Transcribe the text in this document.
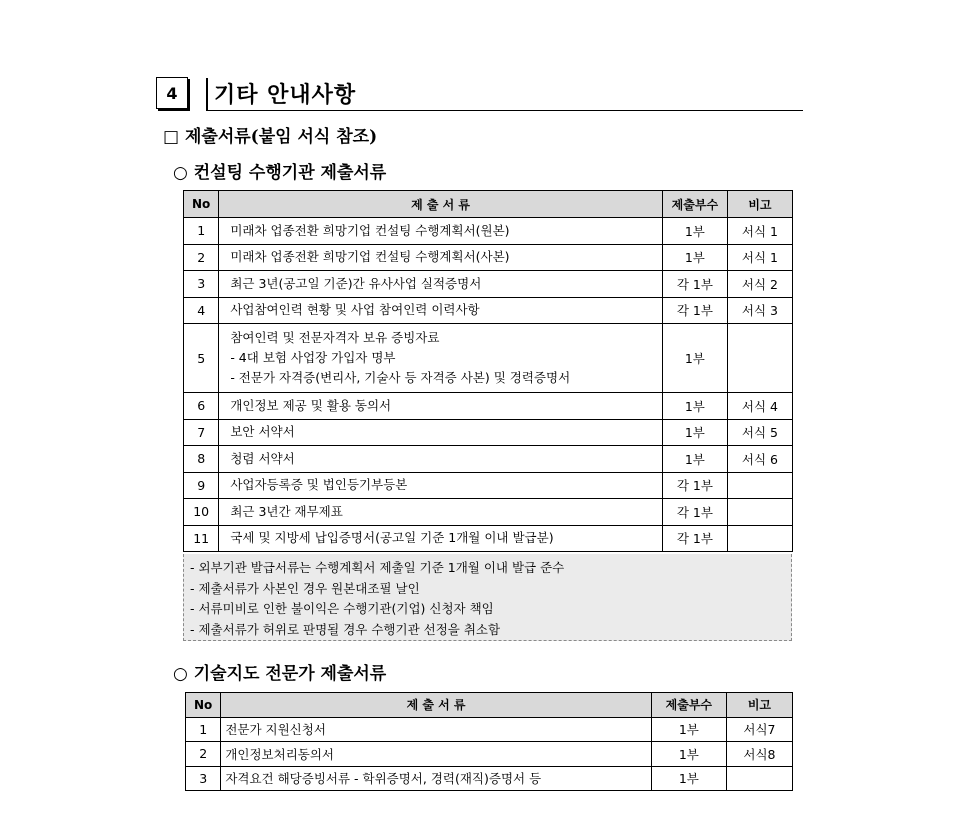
4 기타 안내사항
□ 제출서류(붙임 서식 참조)
○ 컨설팅 수행기관 제출서류
No	제 출 서 류	제출부수	비고
1	미래차 업종전환 희망기업 컨설팅 수행계획서(원본)	1부	서식 1
2	미래차 업종전환 희망기업 컨설팅 수행계획서(사본)	1부	서식 1
3	최근 3년(공고일 기준)간 유사사업 실적증명서	각 1부	서식 2
4	사업참여인력 현황 및 사업 참여인력 이력사항	각 1부	서식 3
5	참여인력 및 전문자격자 보유 증빙자료
- 4대 보험 사업장 가입자 명부
- 전문가 자격증(변리사, 기술사 등 자격증 사본) 및 경력증명서	1부	
6	개인정보 제공 및 활용 동의서	1부	서식 4
7	보안 서약서	1부	서식 5
8	청렴 서약서	1부	서식 6
9	사업자등록증 및 법인등기부등본	각 1부	
10	최근 3년간 재무제표	각 1부	
11	국세 및 지방세 납입증명서(공고일 기준 1개월 이내 발급분)	각 1부	
- 외부기관 발급서류는 수행계획서 제출일 기준 1개월 이내 발급 준수
- 제출서류가 사본인 경우 원본대조필 날인
- 서류미비로 인한 불이익은 수행기관(기업) 신청자 책임
- 제출서류가 허위로 판명될 경우 수행기관 선정을 취소함
○ 기술지도 전문가 제출서류
No	제 출 서 류	제출부수	비고
1	전문가 지원신청서	1부	서식7
2	개인정보처리동의서	1부	서식8
3	자격요건 해당증빙서류 - 학위증명서, 경력(재직)증명서 등	1부	
